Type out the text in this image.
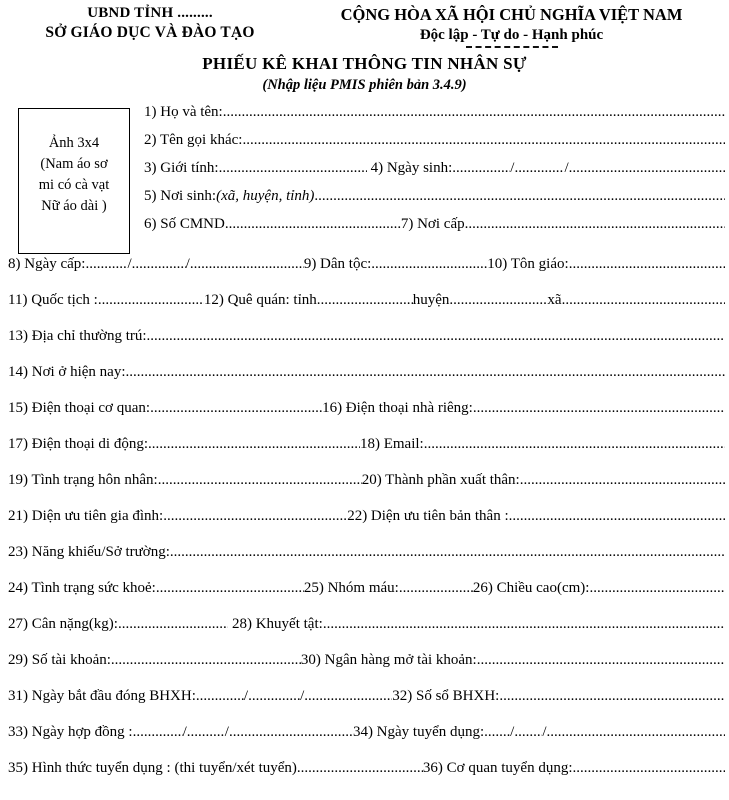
UBND TỈNH .........
SỞ GIÁO DỤC VÀ ĐÀO TẠO
CỘNG HÒA XÃ HỘI CHỦ NGHĨA VIỆT NAM
Độc lập - Tự do - Hạnh phúc
PHIẾU KÊ KHAI THÔNG TIN NHÂN SỰ
(Nhập liệu PMIS phiên bản 3.4.9)
Ảnh 3x4
(Nam áo sơ
mi có cà vạt
Nữ áo dài )
1) Họ và tên:
.....
2) Tên gọi khác:
.....
3) Giới tính: .....	4) Ngày sinh: .....	/ .....	/
.....
5) Nơi sinh: (xã, huyện, tỉnh)
.....
6) Số CMND .....	7) Nơi cấp
.....
8) Ngày cấp: .....	/ .....	/ .....	9) Dân tộc: .....	10) Tôn giáo:
.....
11) Quốc tịch : .....	12) Quê quán: tỉnh .....	huyện .....	xã
.....
13) Địa chỉ thường trú:
.....
14) Nơi ở hiện nay:
.....
15) Điện thoại cơ quan: .....	16) Điện thoại nhà riêng:
.....
17) Điện thoại di động: .....	18) Email:
.....
19) Tình trạng hôn nhân: .....	20) Thành phần xuất thân:
.....
21) Diện ưu tiên gia đình: .....	22) Diện ưu tiên bản thân :
.....
23) Năng khiếu/Sở trường:
.....
24) Tình trạng sức khoẻ: .....	25) Nhóm máu: .....	26) Chiều cao(cm):
.....
27) Cân nặng(kg): .....	28) Khuyết tật:
.....
29) Số tài khoản: .....	30) Ngân hàng mở tài khoản:
.....
31) Ngày bắt đầu đóng BHXH: .....	/ .....	/ .....	32) Số sổ BHXH:
.....
33) Ngày hợp đồng : .....	/ .....	/ .....	34) Ngày tuyển dụng: ..... / ..... /
.....
35) Hình thức tuyển dụng : (thi tuyển/xét tuyển) .....	36) Cơ quan tuyển dụng:
.....
